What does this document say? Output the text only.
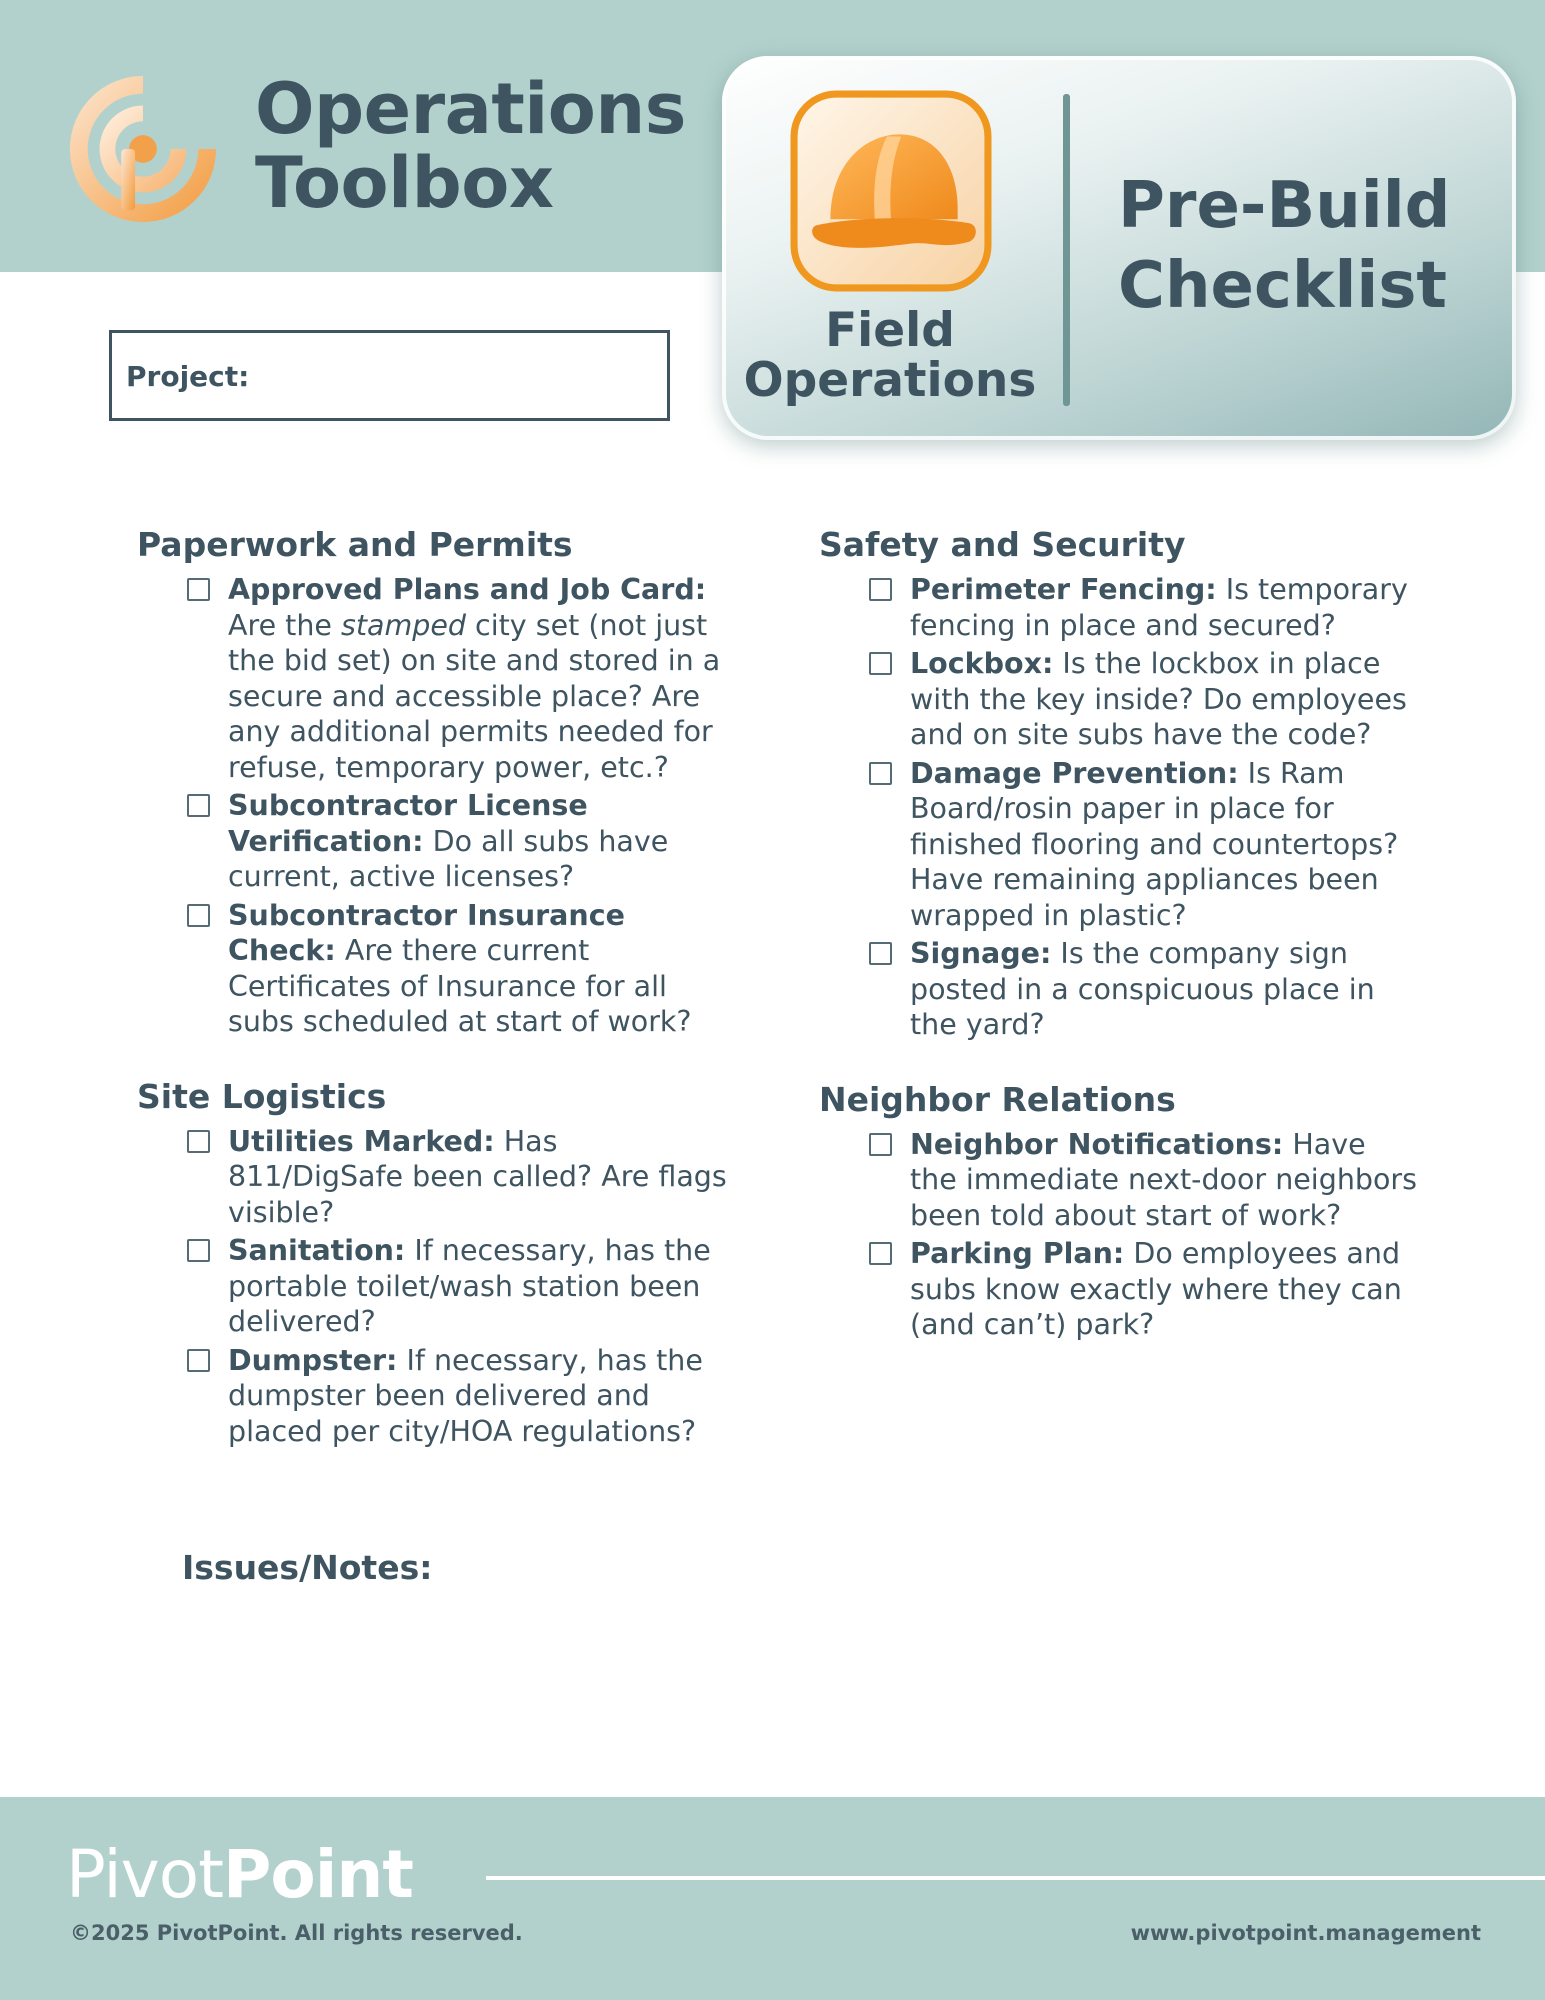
Operations
Toolbox
Field
Operations
Pre-Build
Checklist
Project:
Paperwork and Permits
Approved Plans and Job Card: Are the stamped city set (not just the bid set) on site and stored in a secure and accessible place? Are any additional permits needed for refuse, temporary power, etc.?
Subcontractor License Verification: Do all subs have current, active licenses?
Subcontractor Insurance Check: Are there current Certificates of Insurance for all subs scheduled at start of work?
Site Logistics
Utilities Marked: Has 811/DigSafe been called? Are flags visible?
Sanitation: If necessary, has the portable toilet/wash station been delivered?
Dumpster: If necessary, has the dumpster been delivered and placed per city/HOA regulations?
Safety and Security
Perimeter Fencing: Is temporary fencing in place and secured?
Lockbox: Is the lockbox in place with the key inside? Do employees and on site subs have the code?
Damage Prevention: Is Ram Board/rosin paper in place for finished flooring and countertops? Have remaining appliances been wrapped in plastic?
Signage: Is the company sign posted in a conspicuous place in the yard?
Neighbor Relations
Neighbor Notifications: Have the immediate next-door neighbors been told about start of work?
Parking Plan: Do employees and subs know exactly where they can (and can’t) park?
Issues/Notes:
PivotPoint
©2025 PivotPoint. All rights reserved.	www.pivotpoint.management
